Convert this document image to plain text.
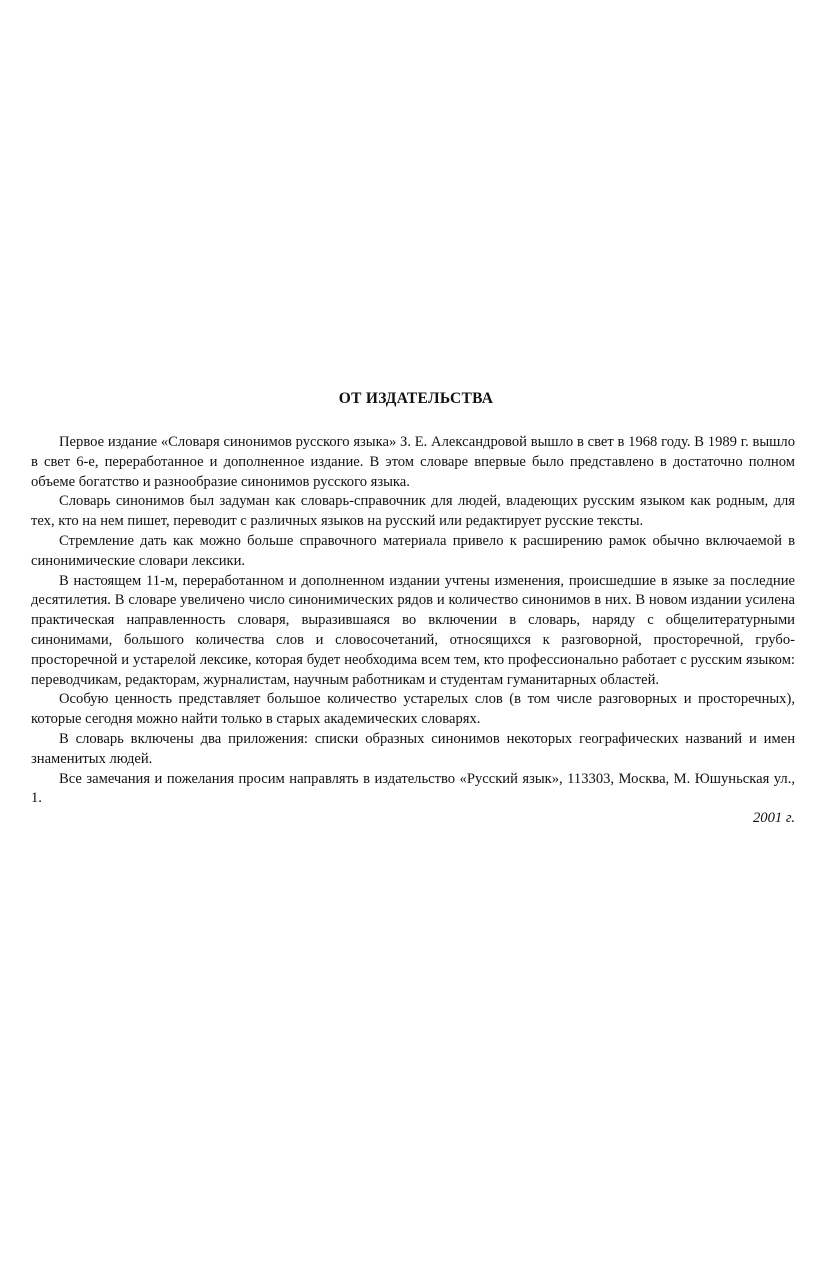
ОТ ИЗДАТЕЛЬСТВА

Первое издание «Словаря синонимов русского языка» З. Е. Александровой вышло в свет в 1968 году. В 1989 г. вышло в свет 6-е, переработанное и дополненное издание. В этом словаре впервые было представлено в достаточно полном объеме богатство и разнообразие синонимов русского языка.

Словарь синонимов был задуман как словарь-справочник для людей, владеющих русским языком как родным, для тех, кто на нем пишет, переводит с различных языков на русский или редактирует русские тексты.

Стремление дать как можно больше справочного материала привело к расширению рамок обычно включаемой в синонимические словари лексики.

В настоящем 11-м, переработанном и дополненном издании учтены изменения, происшедшие в языке за последние десятилетия. В словаре увеличено число синонимических рядов и количество синонимов в них. В новом издании усилена практическая направленность словаря, выразившаяся во включении в словарь, наряду с общелитературными синонимами, большого количества слов и словосочетаний, относящихся к разговорной, просторечной, грубо-просторечной и устарелой лексике, которая будет необходима всем тем, кто профессионально работает с русским языком: переводчикам, редакторам, журналистам, научным работникам и студентам гуманитарных областей.

Особую ценность представляет большое количество устарелых слов (в том числе разговорных и просторечных), которые сегодня можно найти только в старых академических словарях.

В словарь включены два приложения: списки образных синонимов некоторых географических названий и имен знаменитых людей.

Все замечания и пожелания просим направлять в издательство «Русский язык», 113303, Москва, М. Юшуньская ул., 1.

2001 г.
